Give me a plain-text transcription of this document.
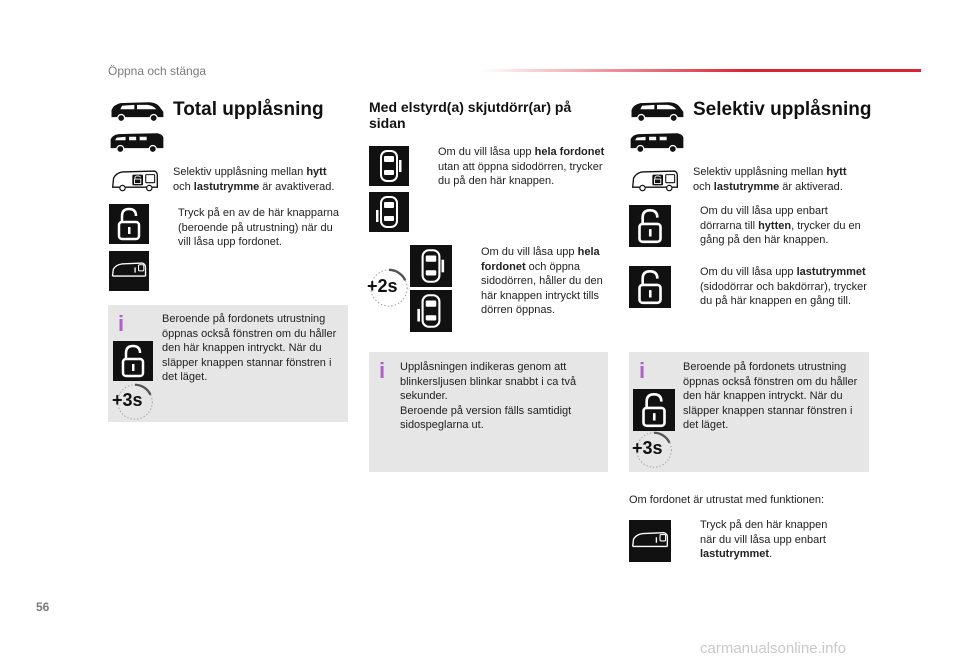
Öppna och stänga
Total upplåsning
Selektiv upplåsning mellan hytt
och lastutrymme är avaktiverad.
Tryck på en av de här knapparna (beroende på utrustning) när du vill låsa upp fordonet.
i
+3s
Beroende på fordonets utrustning öppnas också fönstren om du håller den här knappen intryckt. När du släpper knappen stannar fönstren i det läget.
Med elstyrd(a) skjutdörr(ar) på sidan
Om du vill låsa upp hela fordonet utan att öppna sidodörren, trycker du på den här knappen.
+2s
Om du vill låsa upp hela fordonet och öppna sidodörren, håller du den här knappen intryckt tills dörren öppnas.
i Upplåsningen indikeras genom att blinkersljusen blinkar snabbt i ca två sekunder.
Beroende på version fälls samtidigt sidospeglarna ut.
Selektiv upplåsning
Selektiv upplåsning mellan hytt
och lastutrymme är aktiverad.
Om du vill låsa upp enbart dörrarna till hytten, trycker du en gång på den här knappen.
Om du vill låsa upp lastutrymmet (sidodörrar och bakdörrar), trycker du på här knappen en gång till.
i
+3s
Beroende på fordonets utrustning öppnas också fönstren om du håller den här knappen intryckt. När du släpper knappen stannar fönstren i det läget.
Om fordonet är utrustat med funktionen:
Tryck på den här knappen när du vill låsa upp enbart lastutrymmet.
56
carmanualsonline.info
